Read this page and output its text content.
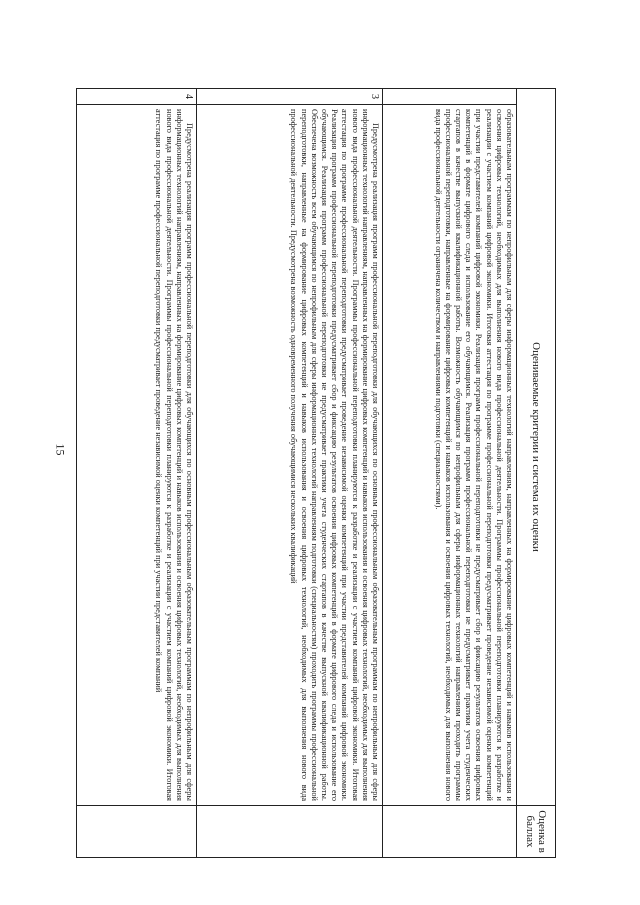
15	Оцениваемые критерии и система их оценки		Оценка в баллах

	образовательным программам по непрофильным для сферы информационных технологий направлениям, направленных на формирование цифровых компетенций и навыков использования и освоения цифровых технологий, необходимых для выполнения нового вида профессиональной деятельности. Программы профессиональной переподготовки планируются к разработке и реализации с участием компаний цифровой экономики. Итоговая аттестация по программе профессиональной переподготовки предусматривает проведение независимой оценки компетенций при участии представителей компаний цифровой экономики. Реализация программ профессиональной переподготовки не предусматривает сбор и фиксацию результатов освоения цифровых компетенций в формате цифрового следа и использование его обучающимся. Реализация программ профессиональной переподготовки не предусматривает практики учета студенческих стартапов в качестве выпускной квалификационной работы. Возможность обучающимся по непрофильным для сферы информационных технологий направлениям проходить программы профессиональной переподготовки, направленные на формирование цифровых компетенций и навыков использования и освоения цифровых технологий, необходимых для выполнения нового вида профессиональной деятельности ограничена количеством и направлениями подготовки (специальностями).	

3	Предусмотрена реализация программ профессиональной переподготовки для обучающихся по основным профессиональным образовательным программам по непрофильным для сферы информационных технологий направлениям, направленных на формирование цифровых компетенций и навыков использования и освоения цифровых технологий, необходимых для выполнения нового вида профессиональной деятельности. Программы профессиональной переподготовки планируются к разработке и реализации с участием компаний цифровой экономики. Итоговая аттестация по программе профессиональной переподготовки предусматривает проведение независимой оценки компетенций при участии представителей компаний цифровой экономики. Реализация программ профессиональной переподготовки предусматривает сбор и фиксацию результатов освоения цифровых компетенций в формате цифрового следа и использование его обучающимся. Реализация программ профессиональной переподготовки не предусматривает практики учета студенческих стартапов в качестве выпускной квалификационной работы. Обеспечена возможность всем обучающимся по непрофильным для сферы информационных технологий направлениям подготовки (специальностям) проходить программы профессиональной переподготовки, направленные на формирование цифровых компетенций и навыков использования и освоения цифровых технологий, необходимых для выполнения нового вида профессиональной деятельности. Предусмотрена возможность одновременного получения обучающимися нескольких квалификаций	

4	Предусмотрена реализация программ профессиональной переподготовки для обучающихся по основным профессиональным образовательным программам по непрофильным для сферы информационных технологий направлениям, направленных на формирование цифровых компетенций и навыков использования и освоения цифровых технологий, необходимых для выполнения нового вида профессиональной деятельности. Программы профессиональной переподготовки планируются к разработке и реализации с участием компаний цифровой экономики. Итоговая аттестация по программе профессиональной переподготовки предусматривает проведение независимой оценки компетенций при участии представителей компаний	
